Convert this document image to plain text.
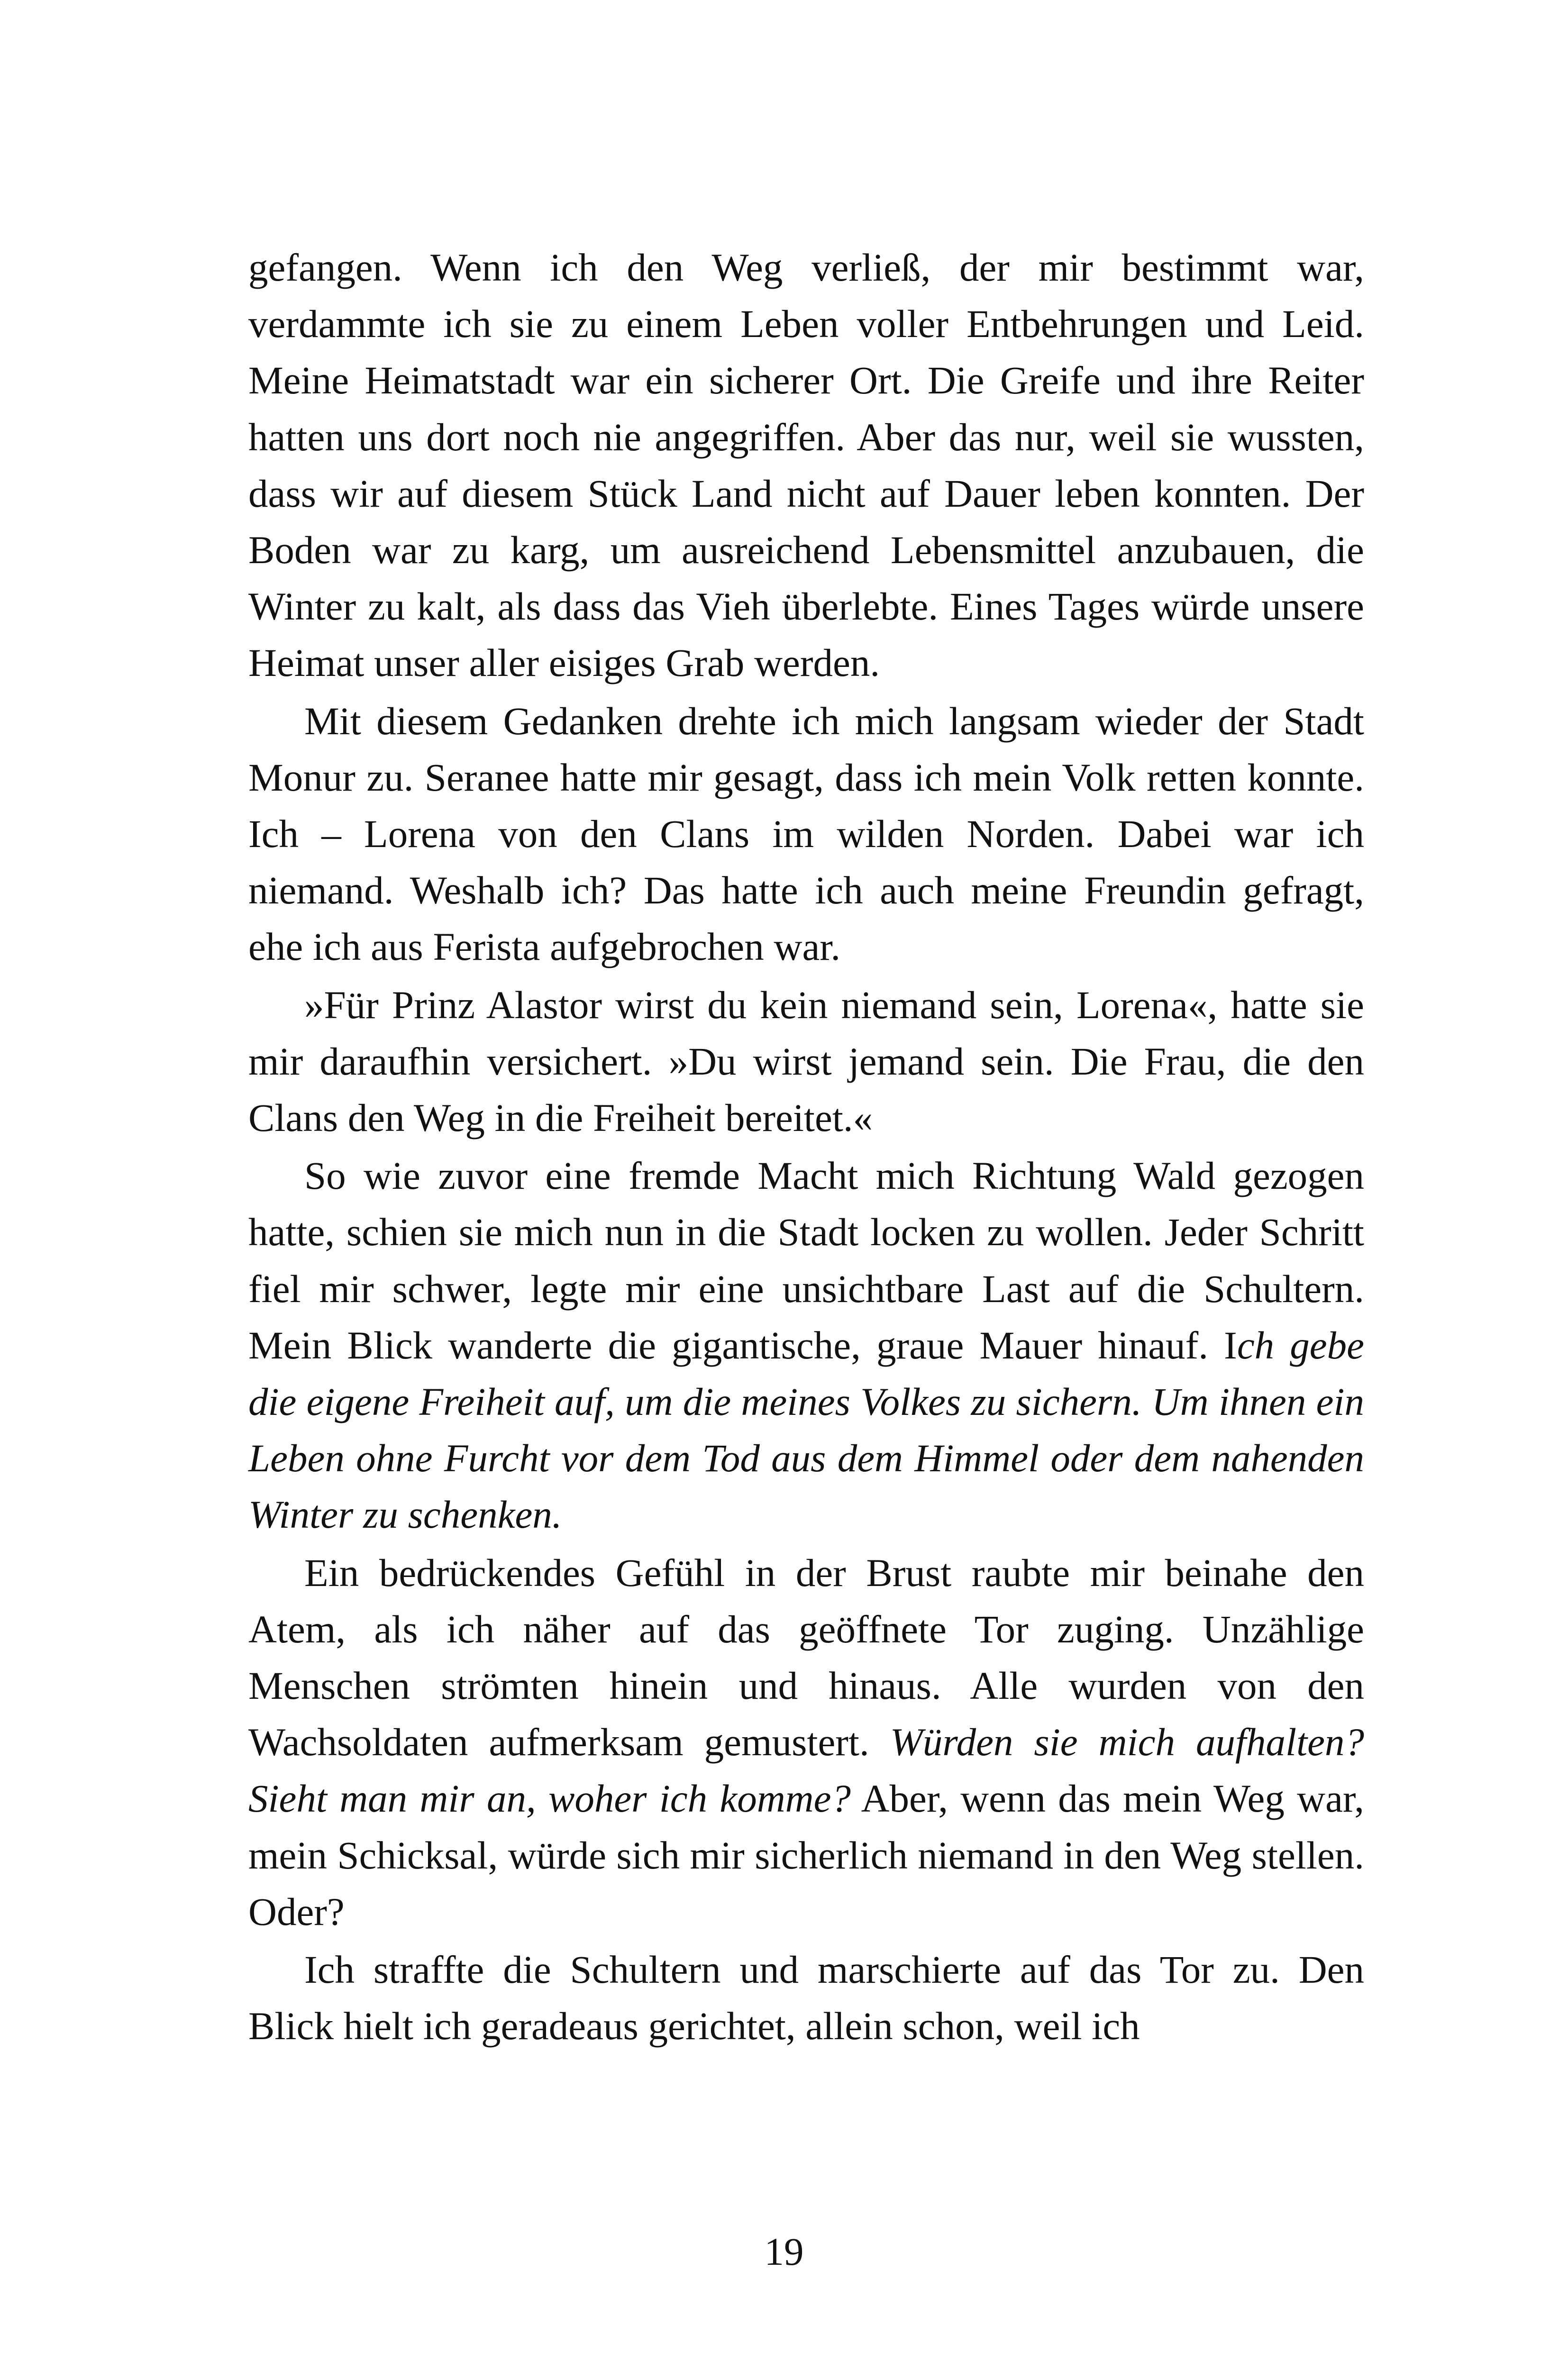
gefangen. Wenn ich den Weg verließ, der mir bestimmt war, verdammte ich sie zu einem Leben voller Entbehrungen und Leid. Meine Heimatstadt war ein sicherer Ort. Die Greife und ihre Reiter hatten uns dort noch nie angegriffen. Aber das nur, weil sie wussten, dass wir auf diesem Stück Land nicht auf Dauer leben konnten. Der Boden war zu karg, um ausreichend Lebensmittel anzubauen, die Winter zu kalt, als dass das Vieh überlebte. Eines Tages würde unsere Heimat unser aller eisiges Grab werden.

Mit diesem Gedanken drehte ich mich langsam wieder der Stadt Monur zu. Seranee hatte mir gesagt, dass ich mein Volk retten konnte. Ich – Lorena von den Clans im wilden Norden. Dabei war ich niemand. Weshalb ich? Das hatte ich auch meine Freundin gefragt, ehe ich aus Ferista aufgebrochen war.

»Für Prinz Alastor wirst du kein niemand sein, Lorena«, hatte sie mir daraufhin versichert. »Du wirst jemand sein. Die Frau, die den Clans den Weg in die Freiheit bereitet.«

So wie zuvor eine fremde Macht mich Richtung Wald gezogen hatte, schien sie mich nun in die Stadt locken zu wollen. Jeder Schritt fiel mir schwer, legte mir eine unsichtbare Last auf die Schultern. Mein Blick wanderte die gigantische, graue Mauer hinauf. Ich gebe die eigene Freiheit auf, um die meines Volkes zu sichern. Um ihnen ein Leben ohne Furcht vor dem Tod aus dem Himmel oder dem nahenden Winter zu schenken.

Ein bedrückendes Gefühl in der Brust raubte mir beinahe den Atem, als ich näher auf das geöffnete Tor zuging. Unzählige Menschen strömten hinein und hinaus. Alle wurden von den Wachsoldaten aufmerksam gemustert. Würden sie mich aufhalten? Sieht man mir an, woher ich komme? Aber, wenn das mein Weg war, mein Schicksal, würde sich mir sicherlich niemand in den Weg stellen. Oder?

Ich straffte die Schultern und marschierte auf das Tor zu. Den Blick hielt ich geradeaus gerichtet, allein schon, weil ich

19
